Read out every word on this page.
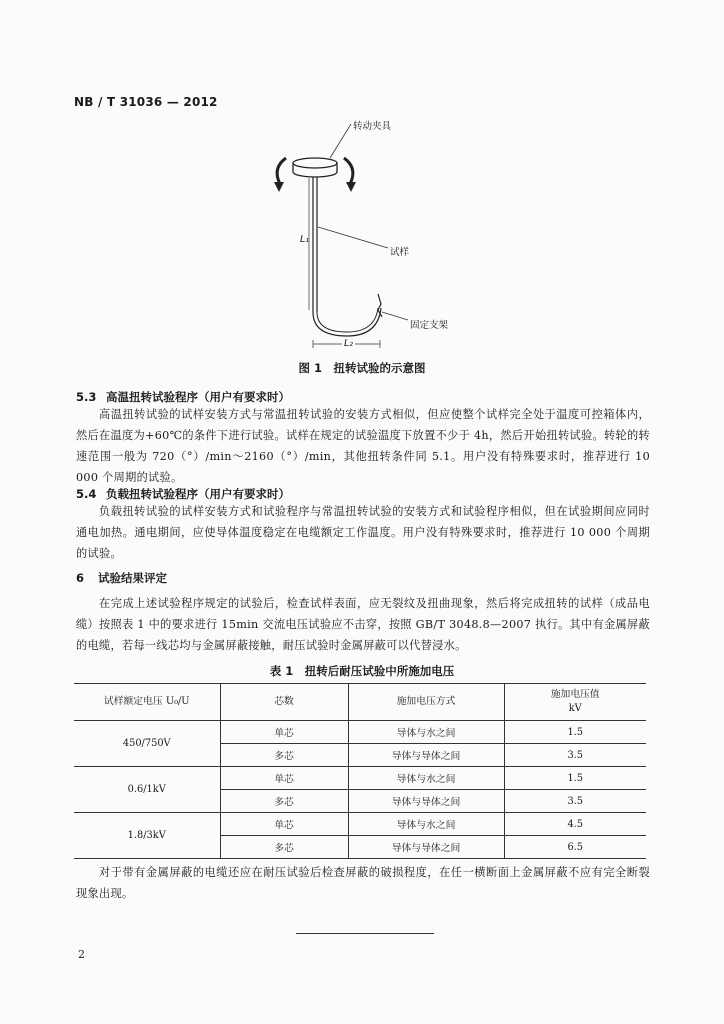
NB / T 31036 — 2012
转动夹具
试样
固定支架
L₁
L₂
图 1　扭转试验的示意图
5.3 高温扭转试验程序（用户有要求时）
高温扭转试验的试样安装方式与常温扭转试验的安装方式相似，但应使整个试样完全处于温度可控箱体内，然后在温度为+60℃的条件下进行试验。试样在规定的试验温度下放置不少于 4h，然后开始扭转试验。转轮的转速范围一般为 720（°）/min～2160（°）/min，其他扭转条件同 5.1。用户没有特殊要求时，推荐进行 10 000 个周期的试验。
5.4 负载扭转试验程序（用户有要求时）
负载扭转试验的试样安装方式和试验程序与常温扭转试验的安装方式和试验程序相似，但在试验期间应同时通电加热。通电期间，应使导体温度稳定在电缆额定工作温度。用户没有特殊要求时，推荐进行 10 000 个周期的试验。
6 试验结果评定
在完成上述试验程序规定的试验后，检查试样表面，应无裂纹及扭曲现象，然后将完成扭转的试样（成品电缆）按照表 1 中的要求进行 15min 交流电压试验应不击穿，按照 GB/T 3048.8—2007 执行。其中有金属屏蔽的电缆，若每一线芯均与金属屏蔽接触，耐压试验时金属屏蔽可以代替浸水。
表 1　扭转后耐压试验中所施加电压
试样额定电压 U₀/U	芯数	施加电压方式	施加电压值
kV
450/750V	单芯	导体与水之间	1.5
	多芯	导体与导体之间	3.5
0.6/1kV	单芯	导体与水之间	1.5
	多芯	导体与导体之间	3.5
1.8/3kV	单芯	导体与水之间	4.5
	多芯	导体与导体之间	6.5
对于带有金属屏蔽的电缆还应在耐压试验后检查屏蔽的破损程度，在任一横断面上金属屏蔽不应有完全断裂现象出现。
2
